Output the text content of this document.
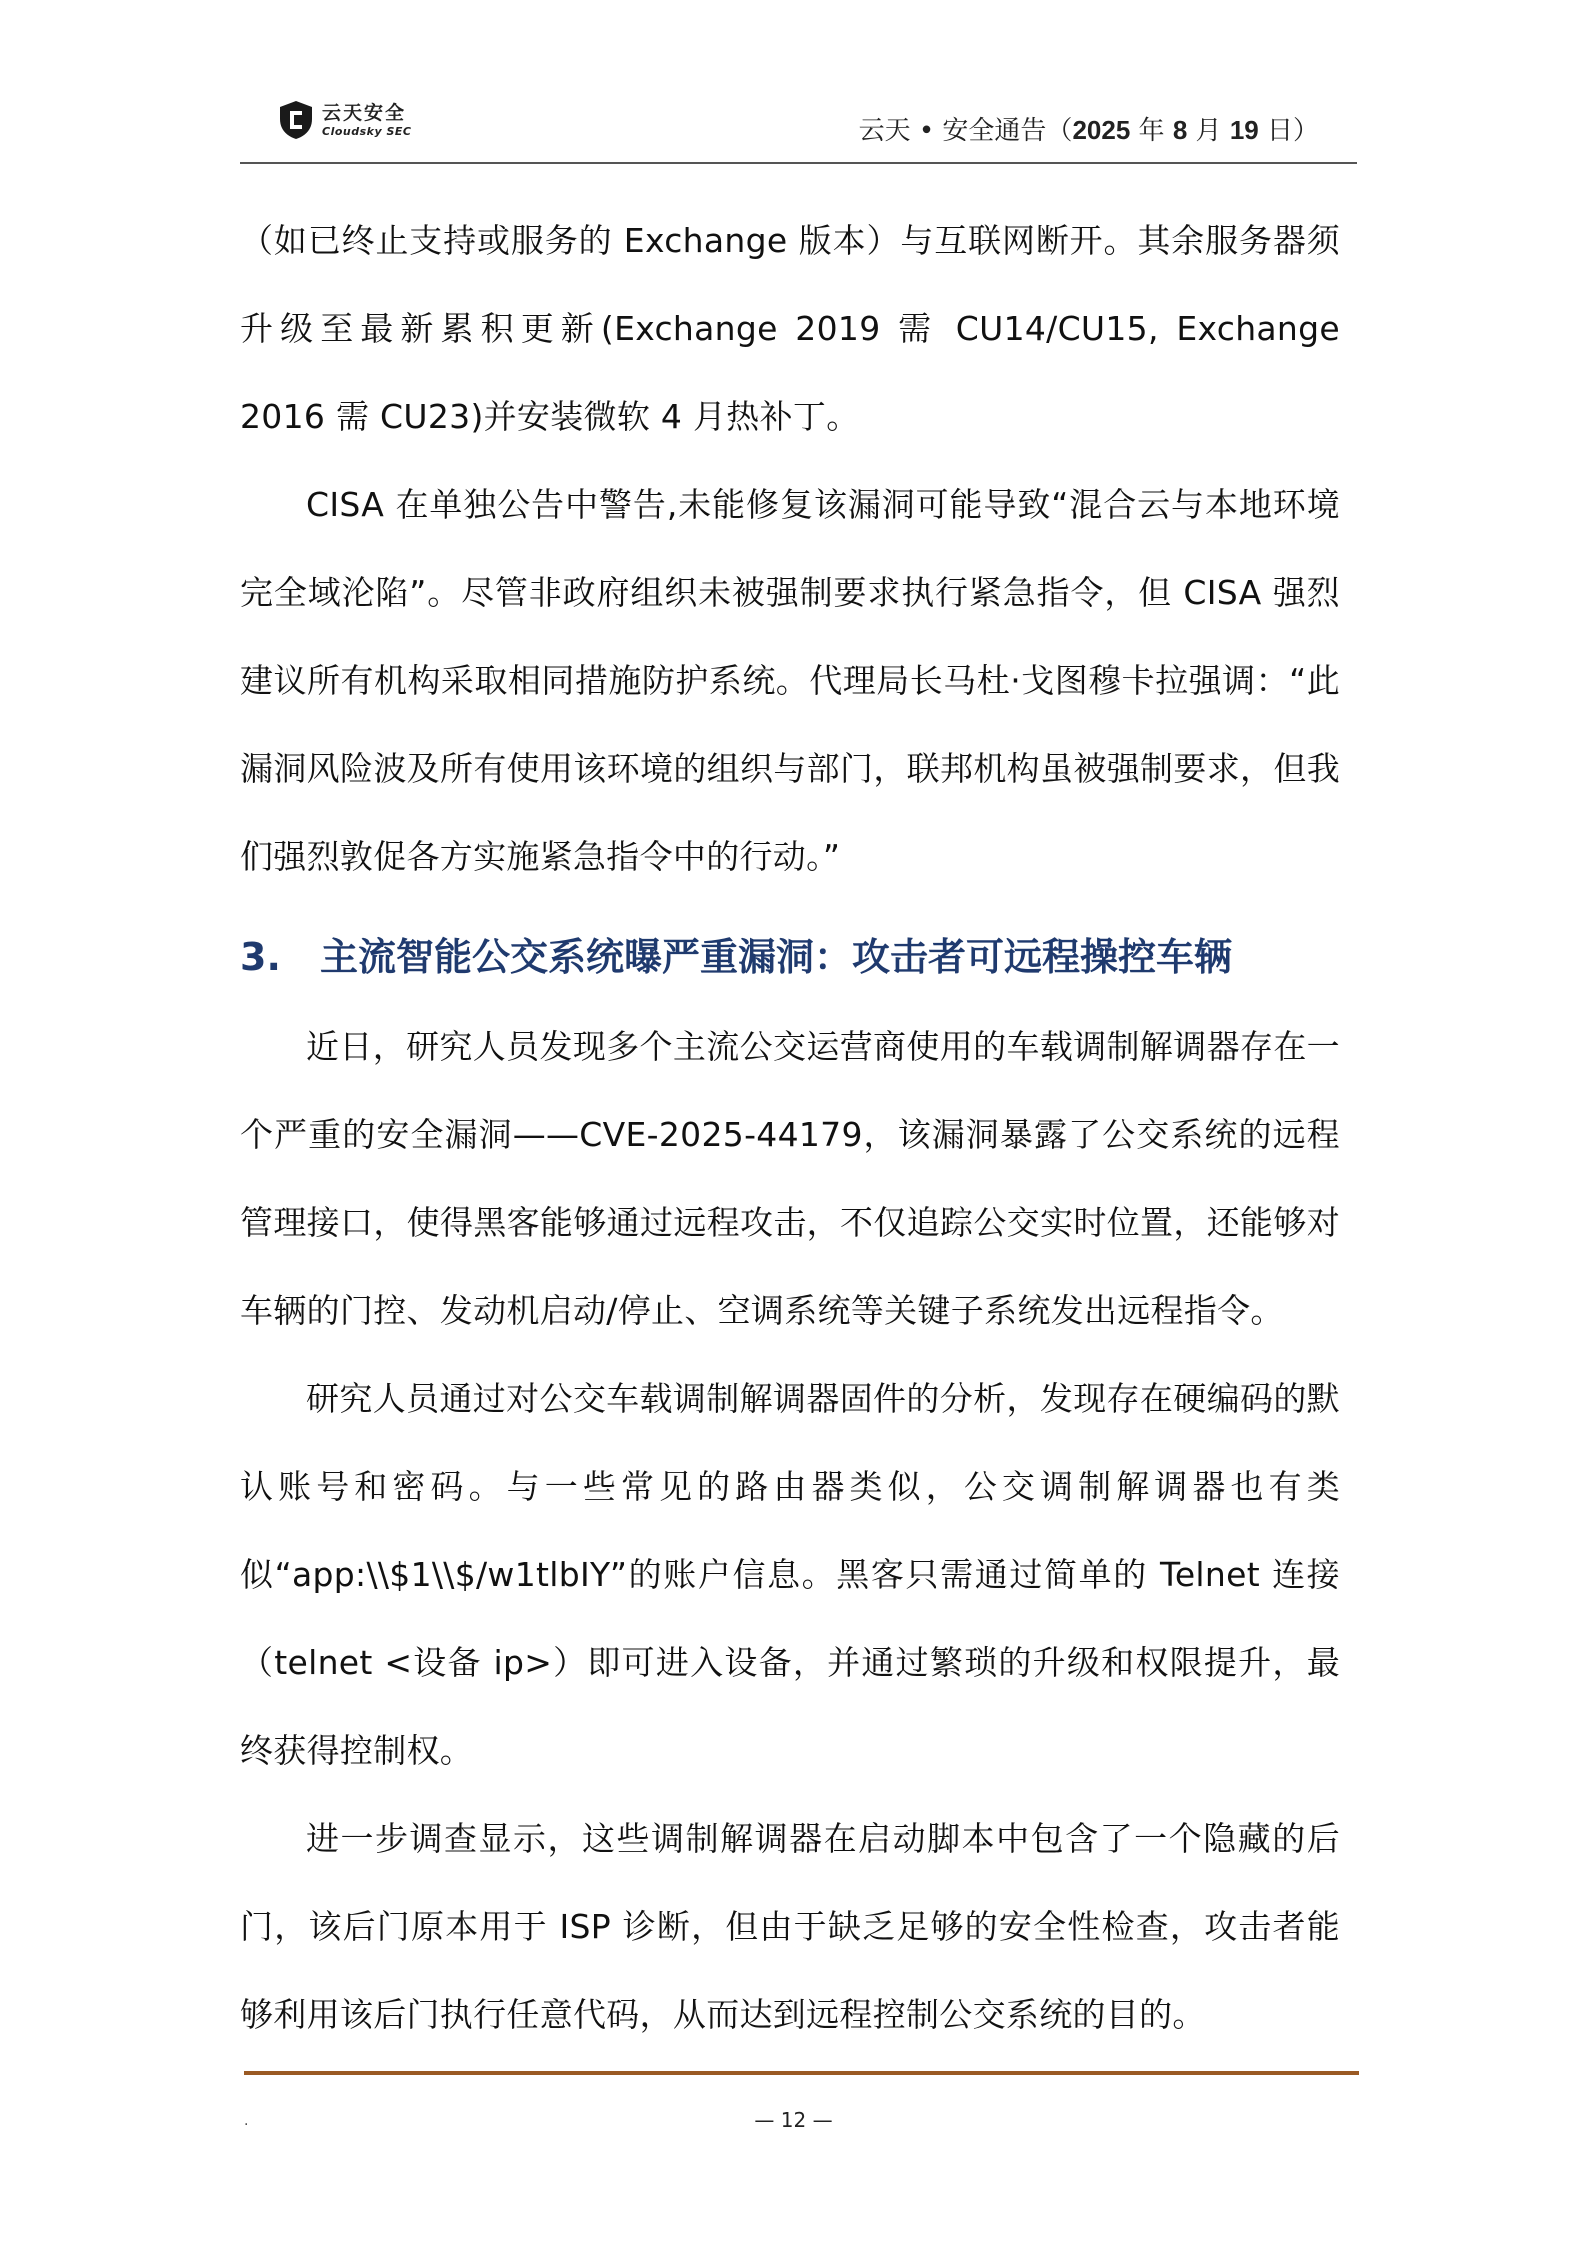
云天安全
Cloudsky SEC	云天 • 安全通告（2025 年 8 月 19 日）

（如已终止支持或服务的 Exchange 版本）与互联网断开。其余服务器须升级至最新累积更新(Exchange 2019 需 CU14/CU15, Exchange 2016 需 CU23)并安装微软 4 月热补丁。

CISA 在单独公告中警告,未能修复该漏洞可能导致“混合云与本地环境完全域沦陷”。尽管非政府组织未被强制要求执行紧急指令，但 CISA 强烈建议所有机构采取相同措施防护系统。代理局长马杜·戈图穆卡拉强调：“此漏洞风险波及所有使用该环境的组织与部门，联邦机构虽被强制要求，但我们强烈敦促各方实施紧急指令中的行动。”

3. 主流智能公交系统曝严重漏洞：攻击者可远程操控车辆

近日，研究人员发现多个主流公交运营商使用的车载调制解调器存在一个严重的安全漏洞——CVE-2025-44179，该漏洞暴露了公交系统的远程管理接口，使得黑客能够通过远程攻击，不仅追踪公交实时位置，还能够对车辆的门控、发动机启动/停止、空调系统等关键子系统发出远程指令。

研究人员通过对公交车载调制解调器固件的分析，发现存在硬编码的默认账号和密码。与一些常见的路由器类似，公交调制解调器也有类似“app:\\$1\\$/w1tlbIY”的账户信息。黑客只需通过简单的 Telnet 连接（telnet <设备 ip>）即可进入设备，并通过繁琐的升级和权限提升，最终获得控制权。

进一步调查显示，这些调制解调器在启动脚本中包含了一个隐藏的后门，该后门原本用于 ISP 诊断，但由于缺乏足够的安全性检查，攻击者能够利用该后门执行任意代码，从而达到远程控制公交系统的目的。

.	— 12 —
